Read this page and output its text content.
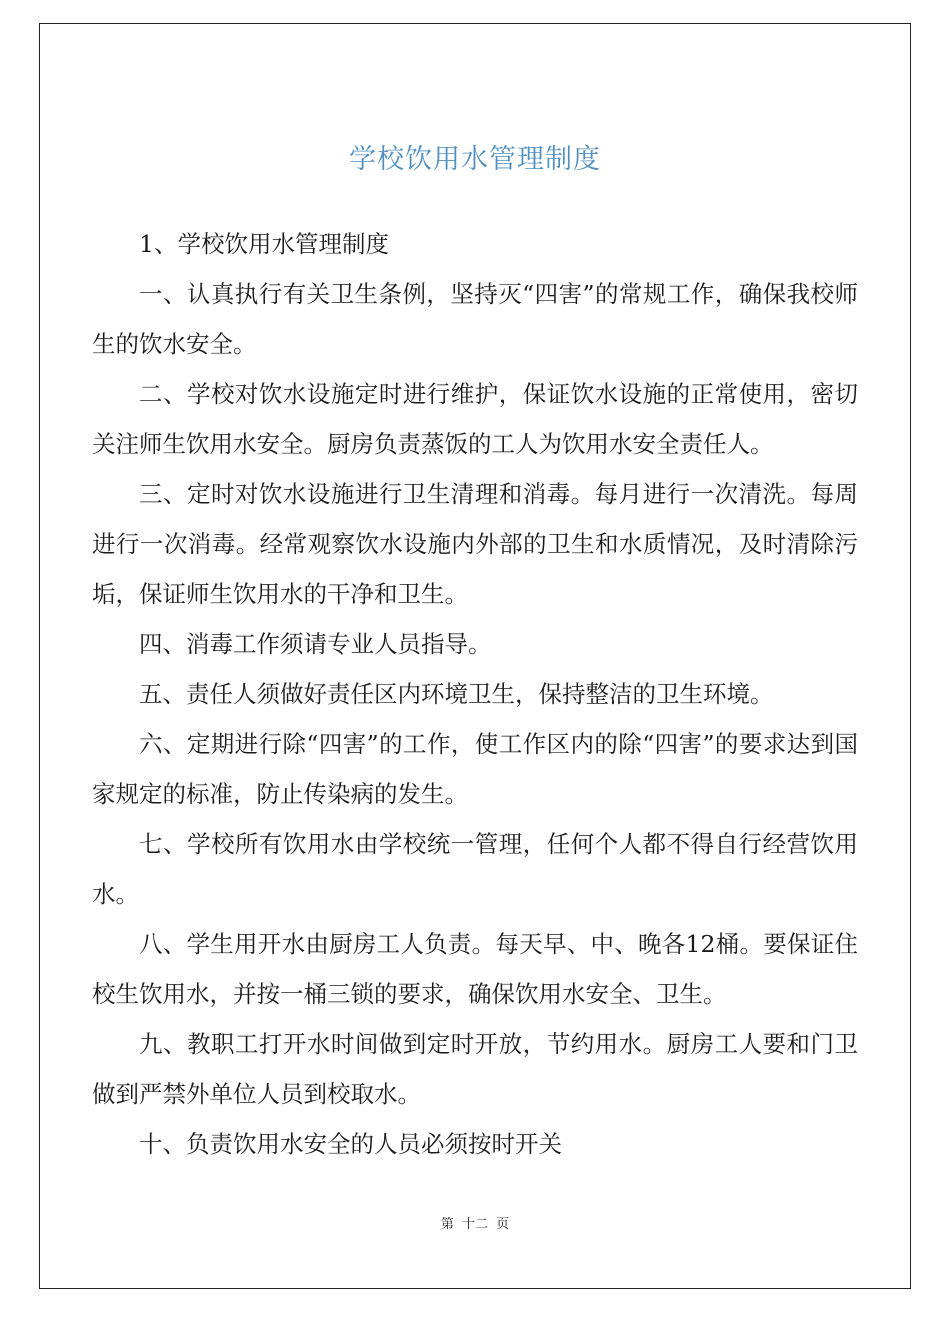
学校饮用水管理制度

1、学校饮用水管理制度

一、认真执行有关卫生条例，坚持灭“四害”的常规工作，确保我校师生的饮水安全。

二、学校对饮水设施定时进行维护，保证饮水设施的正常使用，密切关注师生饮用水安全。厨房负责蒸饭的工人为饮用水安全责任人。

三、定时对饮水设施进行卫生清理和消毒。每月进行一次清洗。每周进行一次消毒。经常观察饮水设施内外部的卫生和水质情况，及时清除污垢，保证师生饮用水的干净和卫生。

四、消毒工作须请专业人员指导。

五、责任人须做好责任区内环境卫生，保持整洁的卫生环境。

六、定期进行除“四害”的工作，使工作区内的除“四害”的要求达到国家规定的标准，防止传染病的发生。

七、学校所有饮用水由学校统一管理，任何个人都不得自行经营饮用水。

八、学生用开水由厨房工人负责。每天早、中、晚各12桶。要保证住校生饮用水，并按一桶三锁的要求，确保饮用水安全、卫生。

九、教职工打开水时间做到定时开放，节约用水。厨房工人要和门卫做到严禁外单位人员到校取水。

十、负责饮用水安全的人员必须按时开关

第 十二 页
